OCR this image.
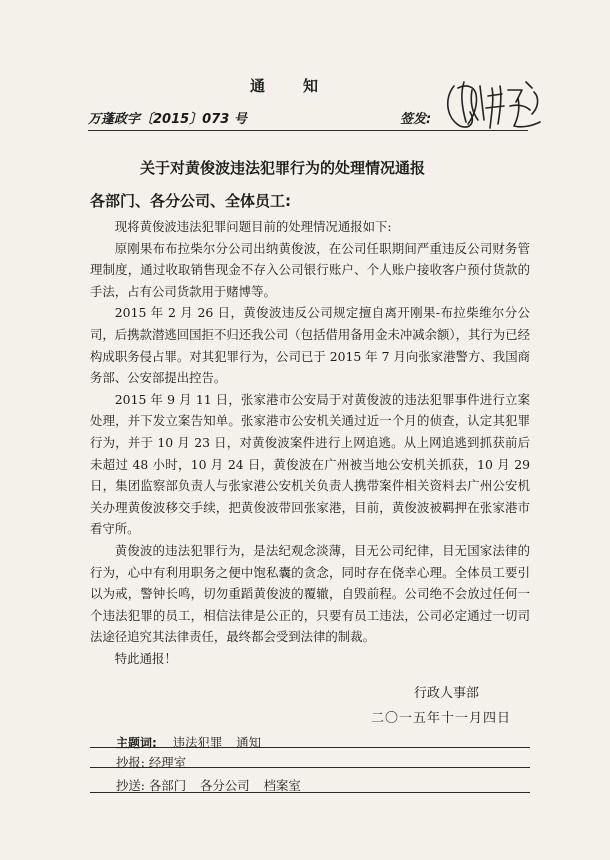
通知
万蓬政字〔2015〕073 号	签发:
关于对黄俊波违法犯罪行为的处理情况通报
各部门、各分公司、全体员工:

现将黄俊波违法犯罪问题目前的处理情况通报如下:

原刚果布布拉柴尔分公司出纳黄俊波，在公司任职期间严重违反公司财务管理制度，通过收取销售现金不存入公司银行账户、个人账户接收客户预付货款的手法，占有公司货款用于赌博等。

2015 年 2 月 26 日，黄俊波违反公司规定擅自离开刚果-布拉柴维尔分公司，后携款潜逃回国拒不归还我公司（包括借用备用金未冲减余额），其行为已经构成职务侵占罪。对其犯罪行为，公司已于 2015 年 7 月向张家港警方、我国商务部、公安部提出控告。

2015 年 9 月 11 日，张家港市公安局于对黄俊波的违法犯罪事件进行立案处理，并下发立案告知单。张家港市公安机关通过近一个月的侦查，认定其犯罪行为，并于 10 月 23 日，对黄俊波案件进行上网追逃。从上网追逃到抓获前后未超过 48 小时，10 月 24 日，黄俊波在广州被当地公安机关抓获，10 月 29 日，集团监察部负责人与张家港公安机关负责人携带案件相关资料去广州公安机关办理黄俊波移交手续，把黄俊波带回张家港，目前，黄俊波被羁押在张家港市看守所。

黄俊波的违法犯罪行为，是法纪观念淡薄，目无公司纪律，目无国家法律的行为，心中有利用职务之便中饱私囊的贪念，同时存在侥幸心理。全体员工要引以为戒，警钟长鸣，切勿重蹈黄俊波的覆辙，自毁前程。公司绝不会放过任何一个违法犯罪的员工，相信法律是公正的，只要有员工违法，公司必定通过一切司法途径追究其法律责任，最终都会受到法律的制裁。

特此通报！

行政人事部
二〇一五年十一月四日
主题词: 违法犯罪 通知
抄报: 经理室
抄送: 各部门 各分公司 档案室
